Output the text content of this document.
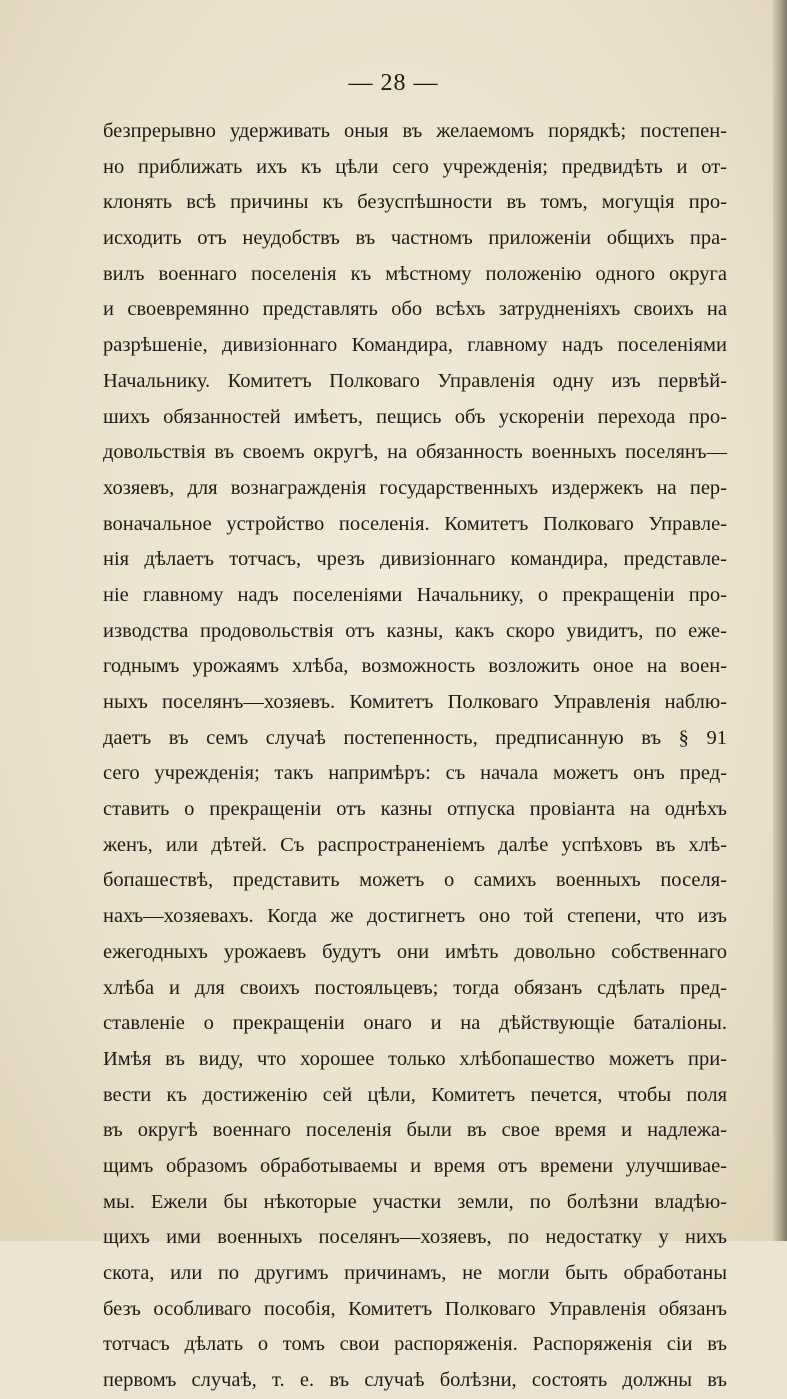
— 28 —
безпрерывно удерживать оныя въ желаемомъ порядкѣ; постепен-
но приближать ихъ къ цѣли сего учрежденія; предвидѣть и от-
клонять всѣ причины къ безуспѣшности въ томъ, могущія про-
исходить отъ неудобствъ въ частномъ приложеніи общихъ пра-
вилъ военнаго поселенія къ мѣстному положенію одного округа
и своевремянно представлять обо всѣхъ затрудненіяхъ своихъ на
разрѣшеніе, дивизіоннаго Командира, главному надъ поселеніями
Начальнику. Комитетъ Полковаго Управленія одну изъ первѣй-
шихъ обязанностей имѣетъ, пещись объ ускореніи перехода про-
довольствія въ своемъ округѣ, на обязанность военныхъ поселянъ—
хозяевъ, для вознагражденія государственныхъ издержекъ на пер-
воначальное устройство поселенія. Комитетъ Полковаго Управле-
нія дѣлаетъ тотчасъ, чрезъ дивизіоннаго командира, представле-
ніе главному надъ поселеніями Начальнику, о прекращеніи про-
изводства продовольствія отъ казны, какъ скоро увидитъ, по еже-
годнымъ урожаямъ хлѣба, возможность возложить оное на воен-
ныхъ поселянъ—хозяевъ. Комитетъ Полковаго Управленія наблю-
даетъ въ семъ случаѣ постепенность, предписанную въ § 91
сего учрежденія; такъ напримѣръ: съ начала можетъ онъ пред-
ставить о прекращеніи отъ казны отпуска провіанта на однѣхъ
женъ, или дѣтей. Съ распространеніемъ далѣе успѣховъ въ хлѣ-
бопашествѣ, представить можетъ о самихъ военныхъ поселя-
нахъ—хозяевахъ. Когда же достигнетъ оно той степени, что изъ
ежегодныхъ урожаевъ будутъ они имѣть довольно собственнаго
хлѣба и для своихъ постояльцевъ; тогда обязанъ сдѣлать пред-
ставленіе о прекращеніи онаго и на дѣйствующіе баталіоны.
Имѣя въ виду, что хорошее только хлѣбопашество можетъ при-
вести къ достиженію сей цѣли, Комитетъ печется, чтобы поля
въ округѣ военнаго поселенія были въ свое время и надлежа-
щимъ образомъ обработываемы и время отъ времени улучшивае-
мы. Ежели бы нѣкоторые участки земли, по болѣзни владѣю-
щихъ ими военныхъ поселянъ—хозяевъ, по недостатку у нихъ
скота, или по другимъ причинамъ, не могли быть обработаны
безъ особливаго пособія, Комитетъ Полковаго Управленія обязанъ
тотчасъ дѣлать о томъ свои распоряженія. Распоряженія сіи въ
первомъ случаѣ, т. е. въ случаѣ болѣзни, состоять должны въ
